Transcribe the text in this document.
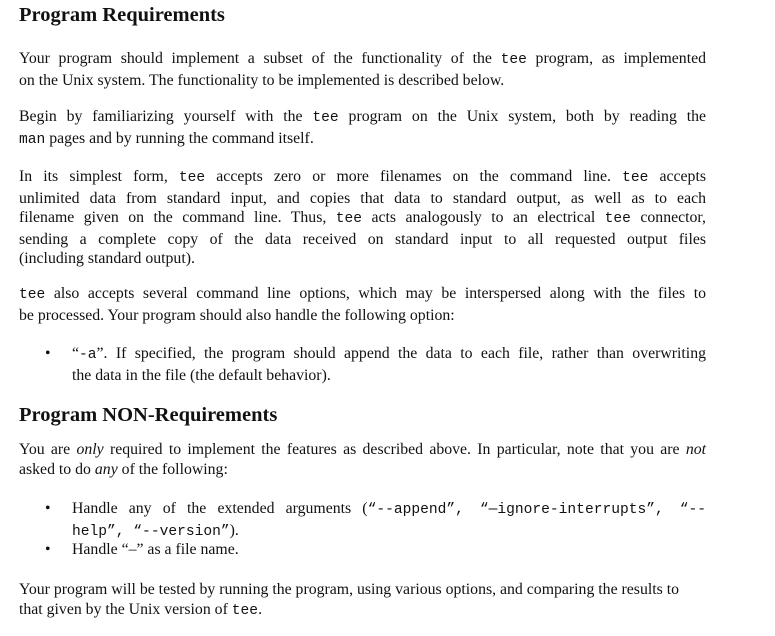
Program Requirements
Your program should implement a subset of the functionality of the tee program, as implemented
on the Unix system. The functionality to be implemented is described below.
Begin by familiarizing yourself with the tee program on the Unix system, both by reading the
man pages and by running the command itself.
In its simplest form, tee accepts zero or more filenames on the command line. tee accepts
unlimited data from standard input, and copies that data to standard output, as well as to each
filename given on the command line. Thus, tee acts analogously to an electrical tee connector,
sending a complete copy of the data received on standard input to all requested output files
(including standard output).
tee also accepts several command line options, which may be interspersed along with the files to
be processed. Your program should also handle the following option:
•
“-a”. If specified, the program should append the data to each file, rather than overwriting
the data in the file (the default behavior).
Program NON-Requirements
You are only required to implement the features as described above. In particular, note that you are not
asked to do any of the following:
•
Handle any of the extended arguments (“--append”, “—ignore-interrupts”, “--
help”, “--version”).
•
Handle “–” as a file name.
Your program will be tested by running the program, using various options, and comparing the results to
that given by the Unix version of tee.
